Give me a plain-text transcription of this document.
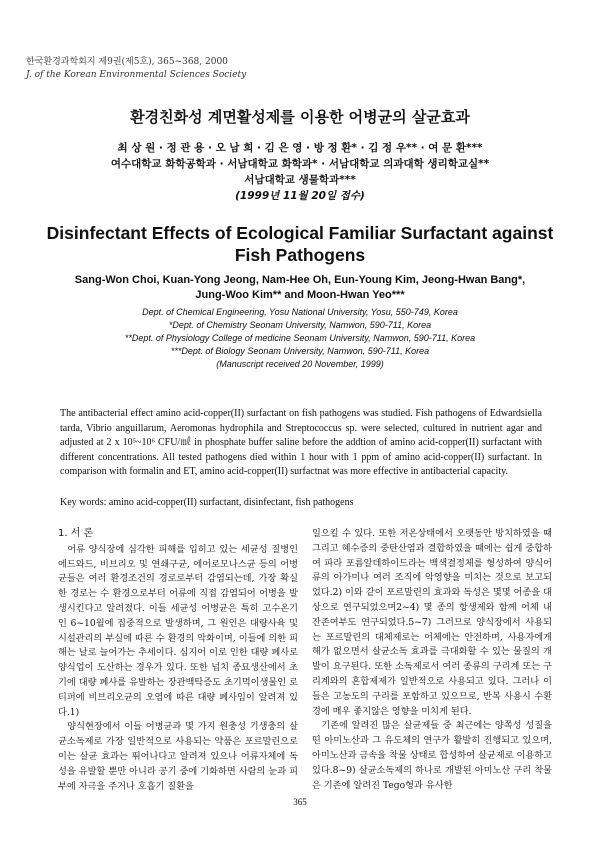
한국환경과학회지 제9권(제5호), 365~368, 2000
J. of the Korean Environmental Sciences Society
환경친화성 계면활성제를 이용한 어병균의 살균효과
최 상 원 · 정 관 용 · 오 남 희 · 김 은 영 · 방 정 환* · 김 정 우** · 여 문 환***
여수대학교 화학공학과 · 서남대학교 화학과* · 서남대학교 의과대학 생리학교실**
서남대학교 생물학과***
(1999년 11월 20일 접수)
Disinfectant Effects of Ecological Familiar Surfactant against
Fish Pathogens
Sang-Won Choi, Kuan-Yong Jeong, Nam-Hee Oh, Eun-Young Kim, Jeong-Hwan Bang*,
Jung-Woo Kim** and Moon-Hwan Yeo***
Dept. of Chemical Engineering, Yosu National University, Yosu, 550-749, Korea
*Dept. of Chemistry Seonam University, Namwon, 590-711, Korea
**Dept. of Physiology College of medicine Seonam University, Namwon, 590-711, Korea
***Dept. of Biology Seonam University, Namwon, 590-711, Korea
(Manuscript received 20 November, 1999)
The antibacterial effect amino acid-copper(II) surfactant on fish pathogens was studied. Fish pathogens of Edwardsiella tarda, Vibrio anguillarum, Aeromonas hydrophila and Streptococcus sp. were selected, cultured in nutrient agar and adjusted at 2 x 10⁵~10⁶ CFU/㎖ in phosphate buffer saline before the addtion of amino acid-copper(II) surfactant with different concentrations. All tested pathogens died within 1 hour with 1 ppm of amino acid-copper(II) surfactant. In comparison with formalin and ET, amino acid-copper(II) surfactnat was more effective in antibacterial capacity.
Key words: amino acid-copper(II) surfactant, disinfectant, fish pathogens

1. 서 론

어류 양식장에 심각한 피해를 입히고 있는 세균성 질병인 에드와드, 비브리오 및 연쇄구균, 에어로모나스균 등의 어병균들은 여러 환경조건의 경로로부터 감염되는데, 가장 확실한 경로는 수 환경으로부터 어류에 직접 감염되어 어병을 발생시킨다고 알려졌다. 이들 세균성 어병균은 특히 고수온기인 6~10월에 집중적으로 발생하며, 그 원인은 대량사육 및 시설관리의 부실에 따른 수 환경의 악화이며, 이들에 의한 피해는 날로 늘어가는 추세이다. 심지어 이로 인한 대량 폐사로 양식업이 도산하는 경우가 있다. 또한 넙치 종묘생산에서 초기에 대량 폐사를 유발하는 장관백탁증도 초기먹이생물인 로티퍼에 비브리오균의 오염에 따른 대량 폐사임이 알려져 있다.1)

양식현장에서 이들 어병균과 몇 가지 원충성 기생충의 살균소독제로 가장 일반적으로 사용되는 약품은 포르말린으로 이는 살균 효과는 뛰어나다고 알려져 있으나 어류자체에 독성을 유발할 뿐만 아니라 공기 중에 기화하면 사람의 눈과 피부에 자극을 주거나 호흡기 질환을

일으킬 수 있다. 또한 저온상태에서 오랫동안 방치하였을 때 그리고 혜수증의 중탄산염과 결합하였을 때에는 쉽게 중합하여 파라 포름알데하이드라는 백색결정체를 형성하여 양식어류의 아가미나 여러 조직에 악영향을 미치는 것으로 보고되었다.2) 이와 같이 포르말린의 효과와 독성은 몇몇 어종을 대상으로 연구되었으며2~4) 몇 종의 항생제와 함께 어체 내 잔존여부도 연구되었다.5~7) 그러므로 양식장에서 사용되는 포르말린의 대체제로는 어체에는 안전하며, 사용자에게 해가 없으면서 살균소독 효과를 극대화할 수 있는 물질의 개발이 요구된다. 또한 소독제로서 여러 종류의 구리계 또는 구리계와의 혼합제제가 일반적으로 사용되고 있다. 그러나 이들은 고농도의 구리를 포함하고 있으므로, 반복 사용시 수환경에 매우 좋지않은 영향을 미치게 된다.

기존에 알려진 많은 살균제들 중 최근에는 양쪽성 성질을 띤 아미노산과 그 유도체의 연구가 활발히 진행되고 있으며, 아미노산과 금속을 착물 상태로 합성하여 살균제로 이용하고 있다.8~9) 살균소독제의 하나로 개발된 아미노산 구리 착물은 기존에 알려진 Tego형과 유사한

365
